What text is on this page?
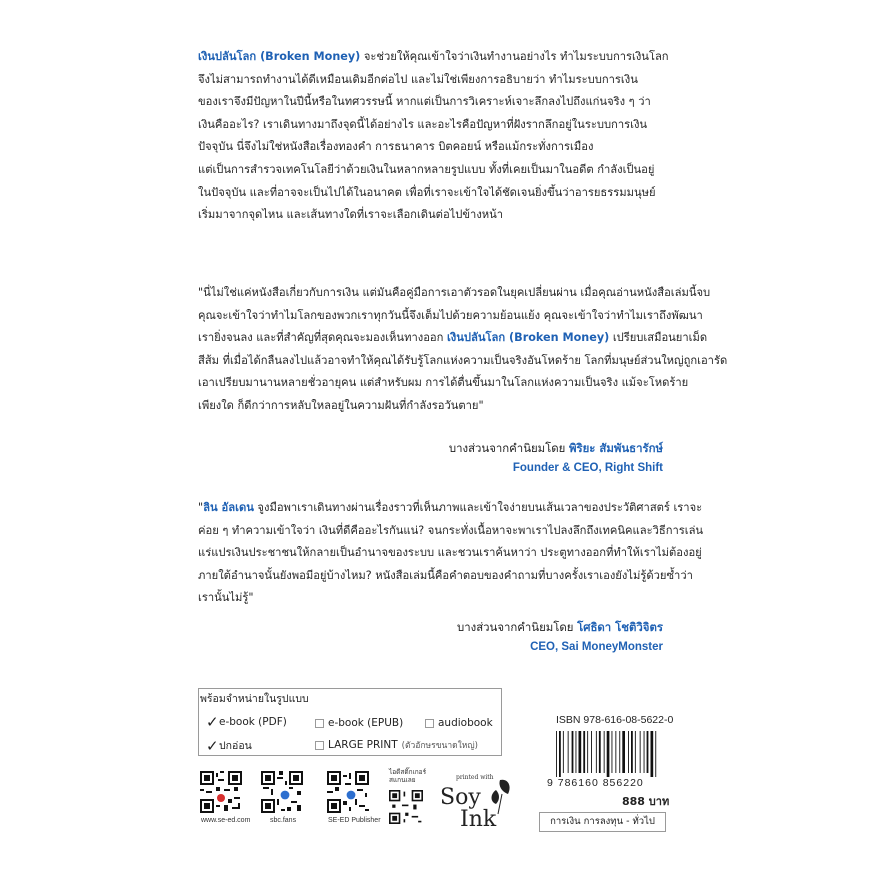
เงินปลันโลก (Broken Money) จะช่วยให้คุณเข้าใจว่าเงินทำงานอย่างไร ทำไมระบบการเงินโลก
จึงไม่สามารถทำงานได้ดีเหมือนเดิมอีกต่อไป และไม่ใช่เพียงการอธิบายว่า ทำไมระบบการเงิน
ของเราจึงมีปัญหาในปีนี้หรือในทศวรรษนี้ หากแต่เป็นการวิเคราะห์เจาะลึกลงไปถึงแก่นจริง ๆ ว่า
เงินคืออะไร? เราเดินทางมาถึงจุดนี้ได้อย่างไร และอะไรคือปัญหาที่ฝังรากลึกอยู่ในระบบการเงิน
ปัจจุบัน นี่จึงไม่ใช่หนังสือเรื่องทองคำ การธนาคาร บิตคอยน์ หรือแม้กระทั่งการเมือง
แต่เป็นการสำรวจเทคโนโลยีว่าด้วยเงินในหลากหลายรูปแบบ ทั้งที่เคยเป็นมาในอดีต กำลังเป็นอยู่
ในปัจจุบัน และที่อาจจะเป็นไปได้ในอนาคต เพื่อที่เราจะเข้าใจได้ชัดเจนยิ่งขึ้นว่าอารยธรรมมนุษย์
เริ่มมาจากจุดไหน และเส้นทางใดที่เราจะเลือกเดินต่อไปข้างหน้า
"นี่ไม่ใช่แค่หนังสือเกี่ยวกับการเงิน แต่มันคือคู่มือการเอาตัวรอดในยุคเปลี่ยนผ่าน เมื่อคุณอ่านหนังสือเล่มนี้จบ
คุณจะเข้าใจว่าทำไมโลกของพวกเราทุกวันนี้จึงเต็มไปด้วยความย้อนแย้ง คุณจะเข้าใจว่าทำไมเราถึงพัฒนา
เรายิ่งจนลง และที่สำคัญที่สุดคุณจะมองเห็นทางออก เงินปลันโลก (Broken Money) เปรียบเสมือนยาเม็ด
สีส้ม ที่เมื่อได้กลืนลงไปแล้วอาจทำให้คุณได้รับรู้โลกแห่งความเป็นจริงอันโหดร้าย โลกที่มนุษย์ส่วนใหญ่ถูกเอารัด
เอาเปรียบมานานหลายชั่วอายุคน แต่สำหรับผม การได้ตื่นขึ้นมาในโลกแห่งความเป็นจริง แม้จะโหดร้าย
เพียงใด ก็ดีกว่าการหลับใหลอยู่ในความฝันที่กำลังรอวันตาย"
บางส่วนจากคำนิยมโดย พิริยะ สัมพันธารักษ์
Founder & CEO, Right Shift
"ลิน อัลเดน จูงมือพาเราเดินทางผ่านเรื่องราวที่เห็นภาพและเข้าใจง่ายบนเส้นเวลาของประวัติศาสตร์ เราจะ
ค่อย ๆ ทำความเข้าใจว่า เงินที่ดีคืออะไรกันแน่? จนกระทั่งเนื้อหาจะพาเราไปลงลึกถึงเทคนิคและวิธีการเล่น
แร่แปรเงินประชาชนให้กลายเป็นอำนาจของระบบ และชวนเราค้นหาว่า ประตูทางออกที่ทำให้เราไม่ต้องอยู่
ภายใต้อำนาจนั้นยังพอมีอยู่บ้างไหม? หนังสือเล่มนี้คือคำตอบของคำถามที่บางครั้งเราเองยังไม่รู้ด้วยซ้ำว่า
เรานั้นไม่รู้"
บางส่วนจากคำนิยมโดย โศธิดา โชติวิจิตร
CEO, Sai MoneyMonster
พร้อมจำหน่ายในรูปแบบ
✓ e-book (PDF)	e-book (EPUB)	audiobook
✓ ปกอ่อน	LARGE PRINT (ตัวอักษรขนาดใหญ่)
www.se-ed.com	sbc.fans	SE-ED Publisher
ไอดีสติ๊กเกอร์ สแกนเลย	printed with
Soy
Ink
ISBN 978-616-08-5622-0
9 786160 856220
888 บาท
การเงิน การลงทุน - ทั่วไป
